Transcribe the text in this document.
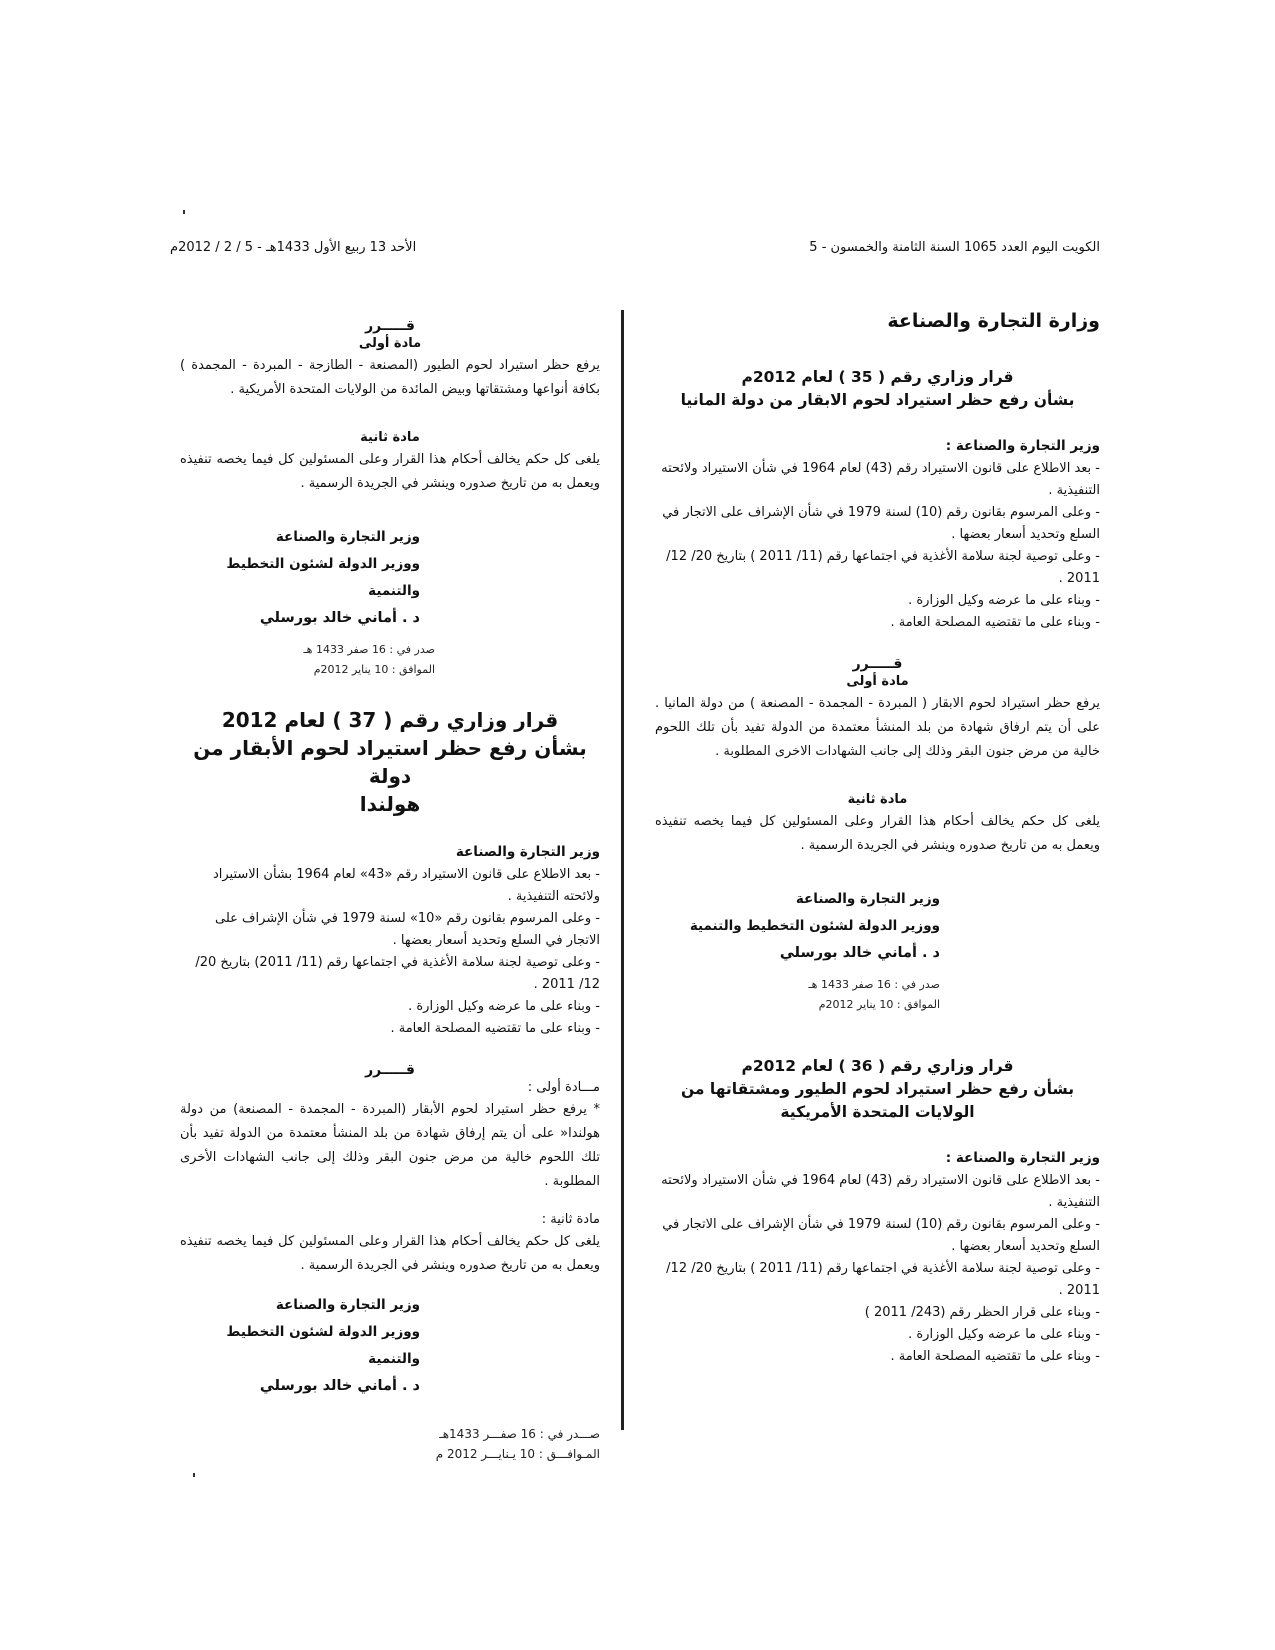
الكويت اليوم العدد 1065 السنة الثامنة والخمسون - 5
الأحد 13 ربيع الأول 1433هـ - 5 / 2 / 2012م
وزارة التجارة والصناعة
قرار وزاري رقم ( 35 ) لعام 2012م
بشأن رفع حظر استيراد لحوم الابقار من دولة المانيا
وزير التجارة والصناعة :

- بعد الاطلاع على قانون الاستيراد رقم (43) لعام 1964 في شأن الاستيراد ولائحته التنفيذية .

- وعلى المرسوم بقانون رقم (10) لسنة 1979 في شأن الإشراف على الاتجار في السلع وتحديد أسعار بعضها .

- وعلى توصية لجنة سلامة الأغذية في اجتماعها رقم (11/ 2011 ) بتاريخ 20/ 12/ 2011 .

- وبناء على ما عرضه وكيل الوزارة .

- وبناء على ما تقتضيه المصلحة العامة .

قـــــرر
مادة أولى

يرفع حظر استيراد لحوم الابقار ( المبردة - المجمدة - المصنعة ) من دولة المانيا . على أن يتم ارفاق شهادة من بلد المنشأ معتمدة من الدولة تفيد بأن تلك اللحوم خالية من مرض جنون البقر وذلك إلى جانب الشهادات الاخرى المطلوبة .

مادة ثانية

يلغى كل حكم يخالف أحكام هذا القرار وعلى المسئولين كل فيما يخصه تنفيذه ويعمل به من تاريخ صدوره وينشر في الجريدة الرسمية .

وزير التجارة والصناعة
ووزير الدولة لشئون التخطيط والتنمية
د . أماني خالد بورسلي
صدر في : 16 صفر 1433 هـ
الموافق : 10 يناير 2012م
قرار وزاري رقم ( 36 ) لعام 2012م
بشأن رفع حظر استيراد لحوم الطيور ومشتقاتها من
الولايات المتحدة الأمريكية
وزير التجارة والصناعة :

- بعد الاطلاع على قانون الاستيراد رقم (43) لعام 1964 في شأن الاستيراد ولائحته التنفيذية .

- وعلى المرسوم بقانون رقم (10) لسنة 1979 في شأن الإشراف على الاتجار في السلع وتحديد أسعار بعضها .

- وعلى توصية لجنة سلامة الأغذية في اجتماعها رقم (11/ 2011 ) بتاريخ 20/ 12/ 2011 .

- وبناء على قرار الحظر رقم (243/ 2011 )

- وبناء على ما عرضه وكيل الوزارة .

- وبناء على ما تقتضيه المصلحة العامة .

قـــــرر
مادة أولى

يرفع حظر استيراد لحوم الطيور (المصنعة - الطازجة - المبردة - المجمدة ) بكافة أنواعها ومشتقاتها وبيض المائدة من الولايات المتحدة الأمريكية .

مادة ثانية

يلغى كل حكم يخالف أحكام هذا القرار وعلى المسئولين كل فيما يخصه تنفيذه ويعمل به من تاريخ صدوره وينشر في الجريدة الرسمية .

وزير التجارة والصناعة
ووزير الدولة لشئون التخطيط والتنمية
د . أماني خالد بورسلي
صدر في : 16 صفر 1433 هـ
الموافق : 10 يناير 2012م
قرار وزاري رقم ( 37 ) لعام 2012
بشأن رفع حظر استيراد لحوم الأبقار من دولة
هولندا
وزير التجارة والصناعة

- بعد الاطلاع على قانون الاستيراد رقم «43» لعام 1964 بشأن الاستيراد ولائحته التنفيذية .

- وعلى المرسوم بقانون رقم «10» لسنة 1979 في شأن الإشراف على الاتجار في السلع وتحديد أسعار بعضها .

- وعلى توصية لجنة سلامة الأغذية في اجتماعها رقم (11/ 2011) بتاريخ 20/ 12/ 2011 .

- وبناء على ما عرضه وكيل الوزارة .

- وبناء على ما تقتضيه المصلحة العامة .

قـــــرر
مـــادة أولى :

* يرفع حظر استيراد لحوم الأبقار (المبردة - المجمدة - المصنعة) من دولة هولندا« على أن يتم إرفاق شهادة من بلد المنشأ معتمدة من الدولة تفيد بأن تلك اللحوم خالية من مرض جنون البقر وذلك إلى جانب الشهادات الأخرى المطلوبة .

مادة ثانية :

يلغى كل حكم يخالف أحكام هذا القرار وعلى المسئولين كل فيما يخصه تنفيذه ويعمل به من تاريخ صدوره وينشر في الجريدة الرسمية .

وزير التجارة والصناعة
ووزير الدولة لشئون التخطيط والتنمية
د . أماني خالد بورسلي
صـــدر في : 16 صفـــر 1433هـ
المـوافـــق : 10 يـنايـــر 2012 م
